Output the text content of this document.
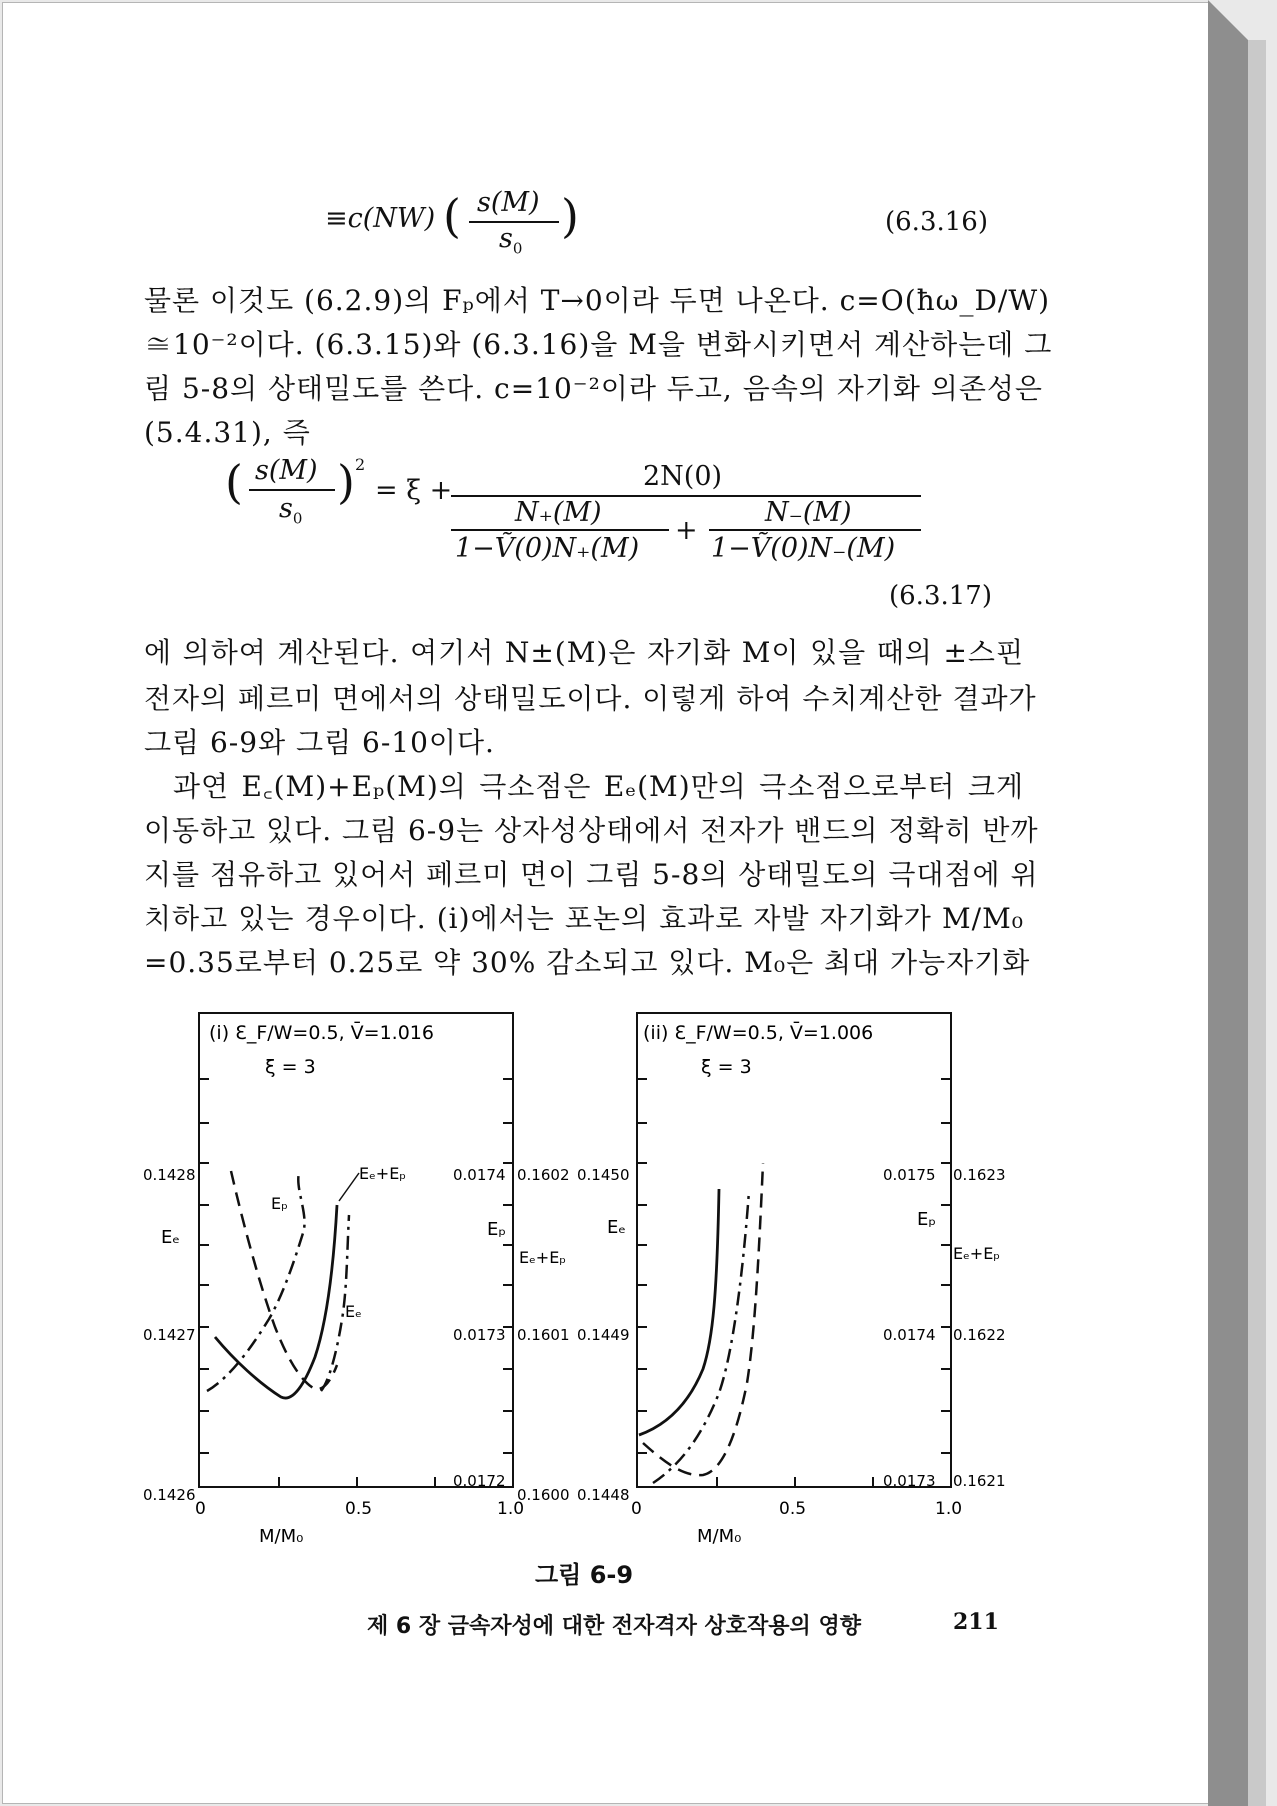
≡c(NW) ( s(M)
$s_0$
)	(6.3.16)
물론 이것도 (6.2.9)의 Fₚ에서 T→0이라 두면 나온다. c=O(ħω_D/W)
≅10⁻²이다. (6.3.15)와 (6.3.16)을 M을 변화시키면서 계산하는데 그
림 5-8의 상태밀도를 쓴다. c=10⁻²이라 두고, 음속의 자기화 의존성은
(5.4.31), 즉
( s(M)
$s_0$
) 2
= ξ +	2N(0)
N₊(M)
1−Ṽ(0)N₊(M)
+
N₋(M)
1−Ṽ(0)N₋(M)
(6.3.17)
에 의하여 계산된다. 여기서 N±(M)은 자기화 M이 있을 때의 ±스핀
전자의 페르미 면에서의 상태밀도이다. 이렇게 하여 수치계산한 결과가
그림 6-9와 그림 6-10이다.
과연 E꜀(M)+Eₚ(M)의 극소점은 Eₑ(M)만의 극소점으로부터 크게
이동하고 있다. 그림 6-9는 상자성상태에서 전자가 밴드의 정확히 반까
지를 점유하고 있어서 페르미 면이 그림 5-8의 상태밀도의 극대점에 위
치하고 있는 경우이다. (i)에서는 포논의 효과로 자발 자기화가 M/M₀
=0.35로부터 0.25로 약 30% 감소되고 있다. M₀은 최대 가능자기화
(i) Ɛ_F/W=0.5, V̄=1.016
ξ = 3
0.1428
0.1427
0.1426
Eₑ
0.0174
0.0173
0.0172
Eₚ
0.1602
0.1601
0.1600
Eₑ+Eₚ
0	0.5	1.0
M/M₀
Eₑ+Eₚ
Eₚ
Eₑ
(ii) Ɛ_F/W=0.5, V̄=1.006
ξ = 3
0.1450
0.1449
0.1448
Eₑ
0.0175
0.0174
0.0173
Eₚ
0.1623
0.1622
0.1621
Eₑ+Eₚ
0	0.5	1.0
M/M₀
그림 6-9
제 6 장 금속자성에 대한 전자격자 상호작용의 영향	211
